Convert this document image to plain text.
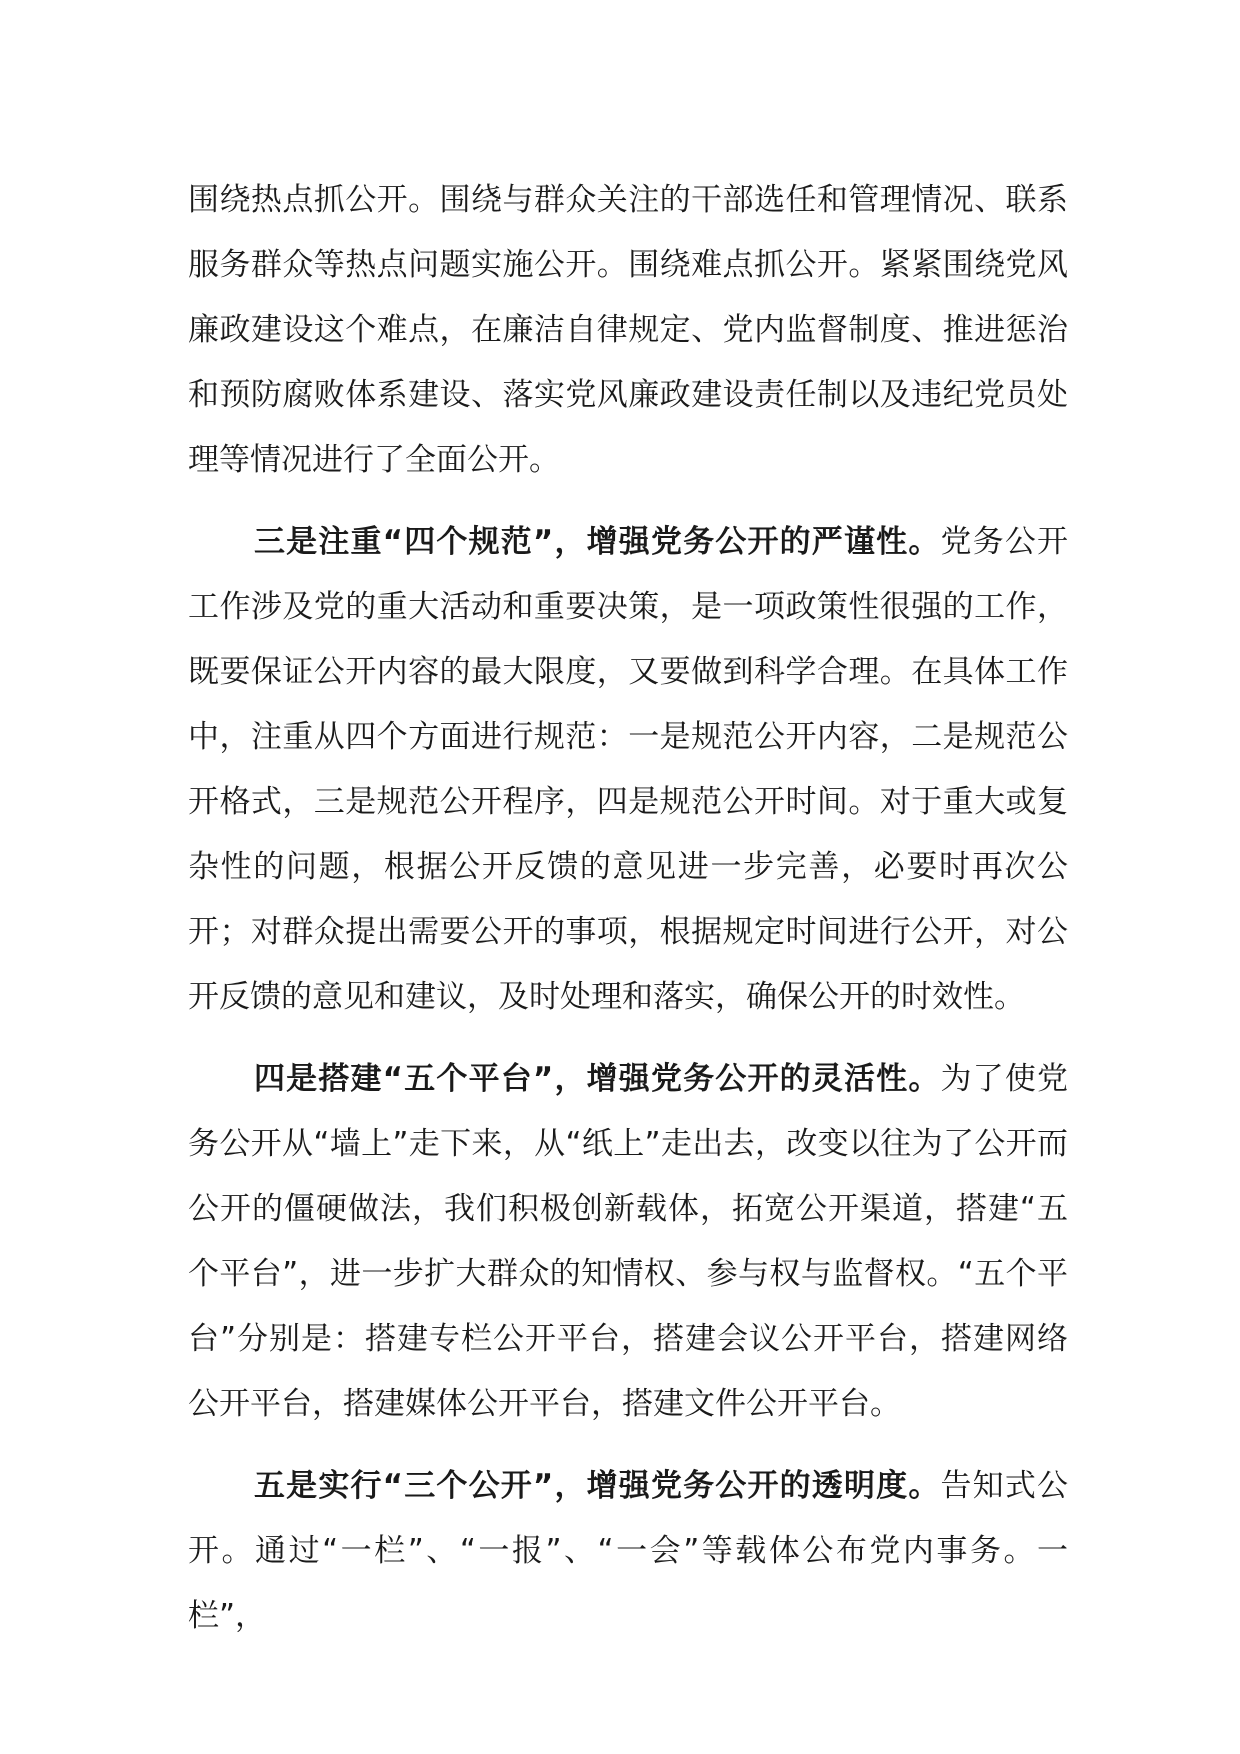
围绕热点抓公开。围绕与群众关注的干部选任和管理情况、联系服务群众等热点问题实施公开。围绕难点抓公开。紧紧围绕党风廉政建设这个难点，在廉洁自律规定、党内监督制度、推进惩治和预防腐败体系建设、落实党风廉政建设责任制以及违纪党员处理等情况进行了全面公开。

三是注重“四个规范”，增强党务公开的严谨性。党务公开工作涉及党的重大活动和重要决策，是一项政策性很强的工作，既要保证公开内容的最大限度，又要做到科学合理。在具体工作中，注重从四个方面进行规范：一是规范公开内容，二是规范公开格式，三是规范公开程序，四是规范公开时间。对于重大或复杂性的问题，根据公开反馈的意见进一步完善，必要时再次公开；对群众提出需要公开的事项，根据规定时间进行公开，对公开反馈的意见和建议，及时处理和落实，确保公开的时效性。

四是搭建“五个平台”，增强党务公开的灵活性。为了使党务公开从“墙上”走下来，从“纸上”走出去，改变以往为了公开而公开的僵硬做法，我们积极创新载体，拓宽公开渠道，搭建“五个平台”，进一步扩大群众的知情权、参与权与监督权。“五个平台”分别是：搭建专栏公开平台，搭建会议公开平台，搭建网络公开平台，搭建媒体公开平台，搭建文件公开平台。

五是实行“三个公开”，增强党务公开的透明度。告知式公开。通过“一栏”、“一报”、“一会”等载体公布党内事务。一栏”，
